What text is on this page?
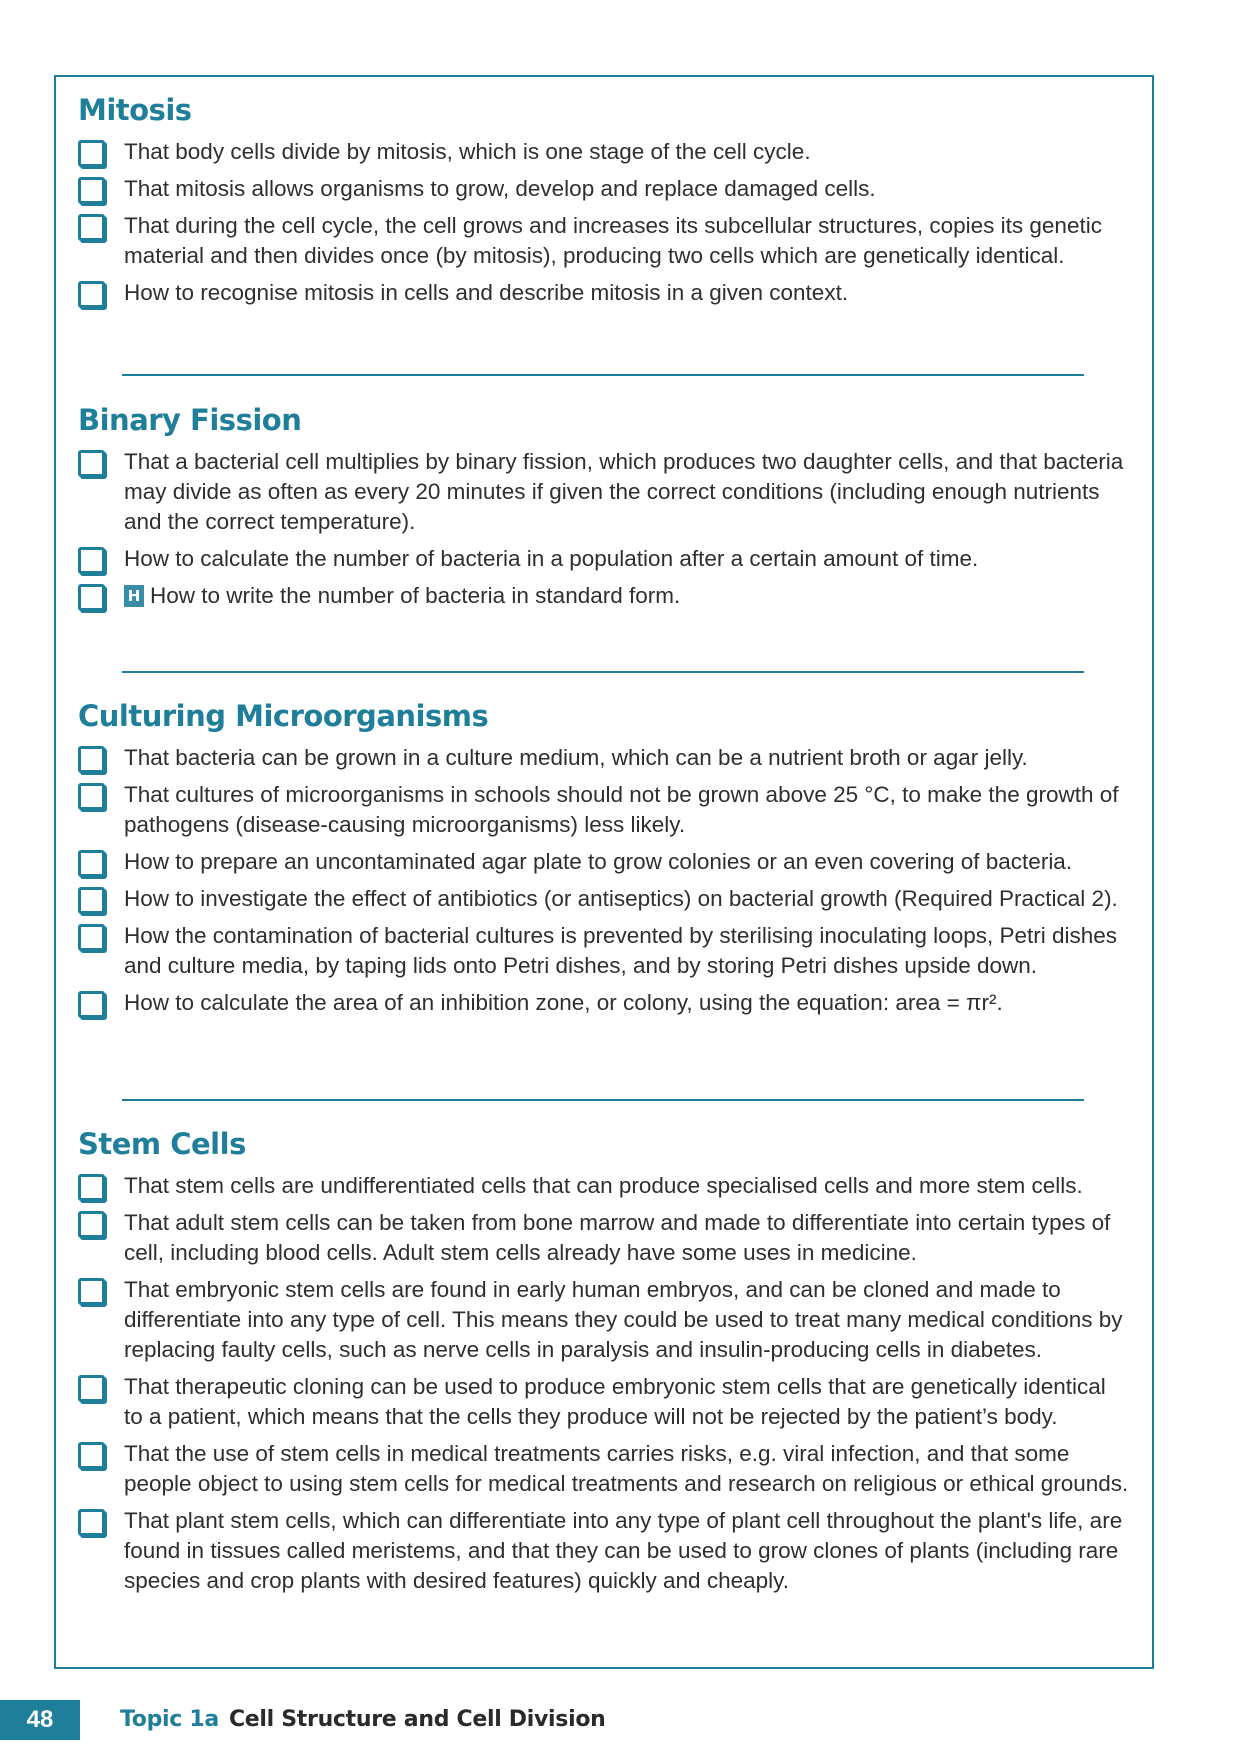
Mitosis
That body cells divide by mitosis, which is one stage of the cell cycle.
That mitosis allows organisms to grow, develop and replace damaged cells.
That during the cell cycle, the cell grows and increases its subcellular structures, copies its genetic material and then divides once (by mitosis), producing two cells which are genetically identical.
How to recognise mitosis in cells and describe mitosis in a given context.
Binary Fission
That a bacterial cell multiplies by binary fission, which produces two daughter cells, and that bacteria may divide as often as every 20 minutes if given the correct conditions (including enough nutrients and the correct temperature).
How to calculate the number of bacteria in a population after a certain amount of time.
H How to write the number of bacteria in standard form.
Culturing Microorganisms
That bacteria can be grown in a culture medium, which can be a nutrient broth or agar jelly.
That cultures of microorganisms in schools should not be grown above 25 °C, to make the growth of pathogens (disease-causing microorganisms) less likely.
How to prepare an uncontaminated agar plate to grow colonies or an even covering of bacteria.
How to investigate the effect of antibiotics (or antiseptics) on bacterial growth (Required Practical 2).
How the contamination of bacterial cultures is prevented by sterilising inoculating loops, Petri dishes and culture media, by taping lids onto Petri dishes, and by storing Petri dishes upside down.
How to calculate the area of an inhibition zone, or colony, using the equation: area = πr².
Stem Cells
That stem cells are undifferentiated cells that can produce specialised cells and more stem cells.
That adult stem cells can be taken from bone marrow and made to differentiate into certain types of cell, including blood cells. Adult stem cells already have some uses in medicine.
That embryonic stem cells are found in early human embryos, and can be cloned and made to differentiate into any type of cell. This means they could be used to treat many medical conditions by replacing faulty cells, such as nerve cells in paralysis and insulin-producing cells in diabetes.
That therapeutic cloning can be used to produce embryonic stem cells that are genetically identical to a patient, which means that the cells they produce will not be rejected by the patient’s body.
That the use of stem cells in medical treatments carries risks, e.g. viral infection, and that some people object to using stem cells for medical treatments and research on religious or ethical grounds.
That plant stem cells, which can differentiate into any type of plant cell throughout the plant's life, are found in tissues called meristems, and that they can be used to grow clones of plants (including rare species and crop plants with desired features) quickly and cheaply.
48	Topic 1a Cell Structure and Cell Division
